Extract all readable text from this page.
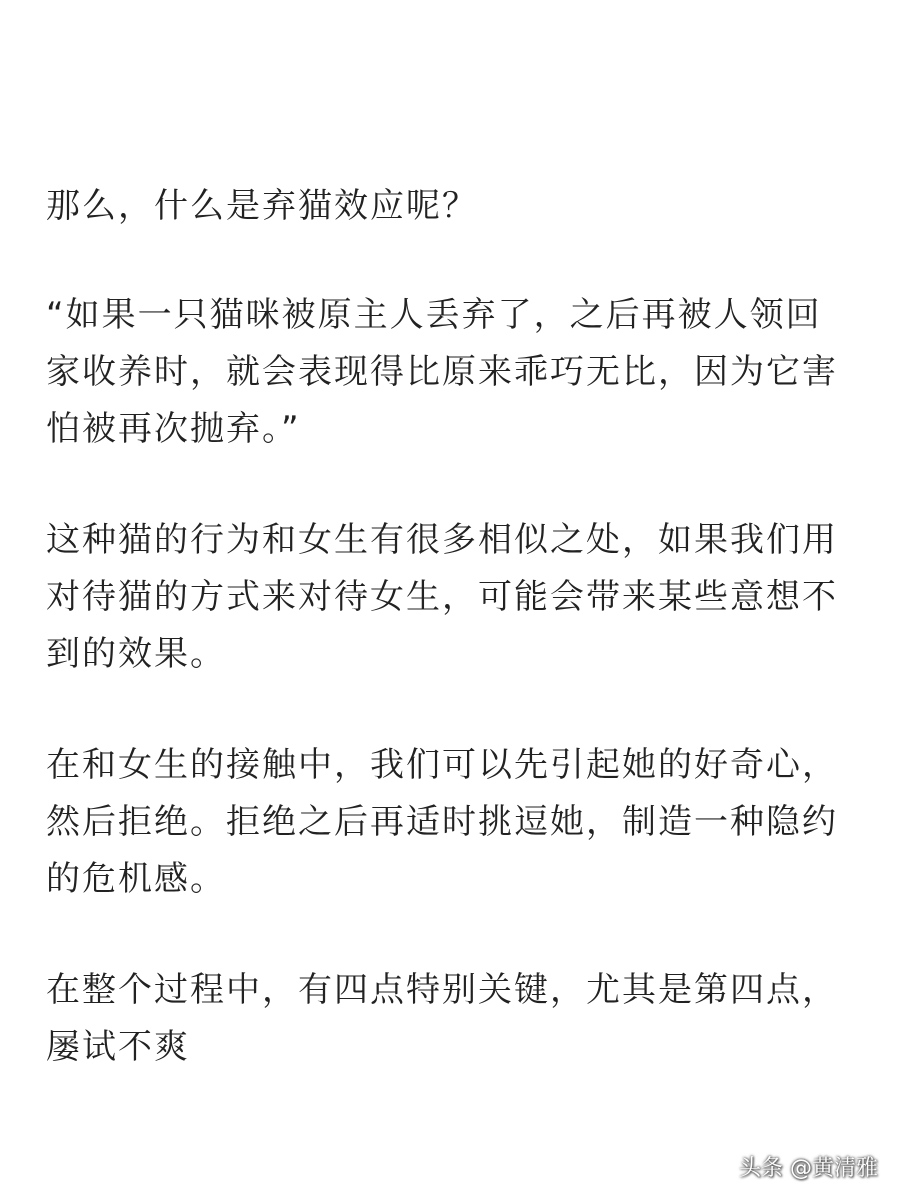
那么，什么是弃猫效应呢？

“如果一只猫咪被原主人丢弃了，之后再被人领回
家收养时，就会表现得比原来乖巧无比，因为它害
怕被再次抛弃。”

这种猫的行为和女生有很多相似之处，如果我们用
对待猫的方式来对待女生，可能会带来某些意想不
到的效果。

在和女生的接触中，我们可以先引起她的好奇心，
然后拒绝。拒绝之后再适时挑逗她，制造一种隐约
的危机感。

在整个过程中，有四点特别关键，尤其是第四点，
屡试不爽

头条 @黄清雅
